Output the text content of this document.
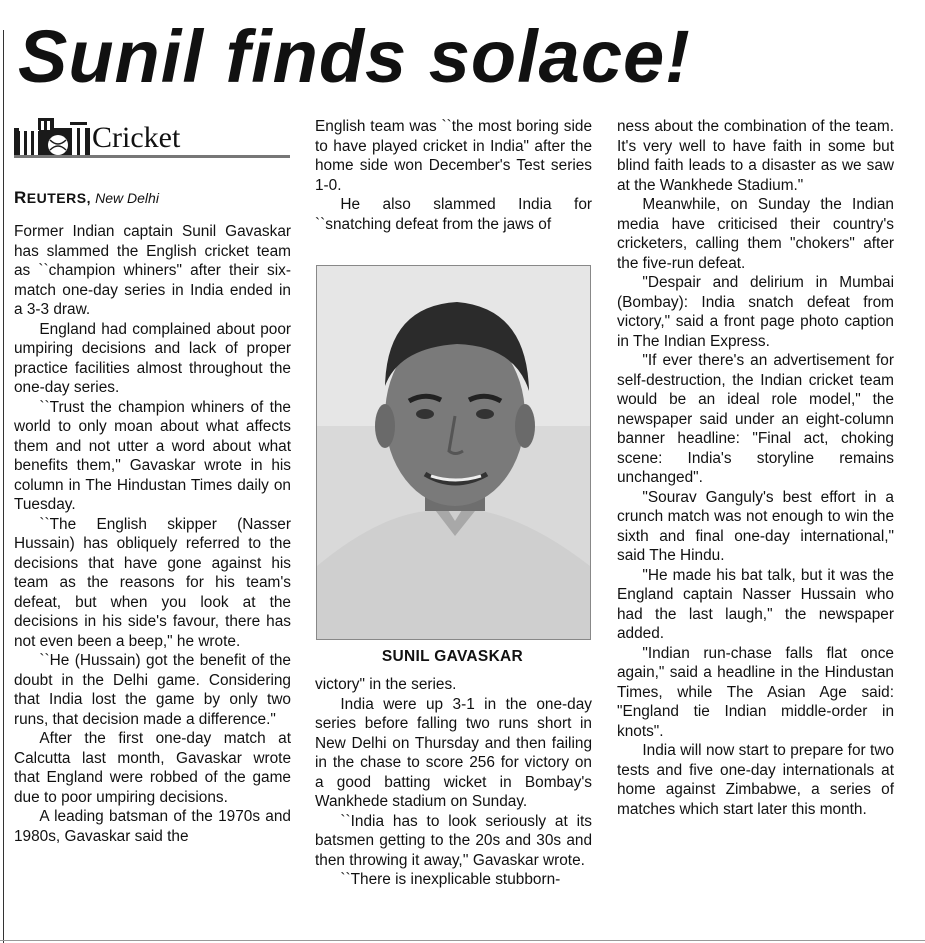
Sunil finds solace!
Cricket
REUTERS, New Delhi

Former Indian captain Sunil Gavaskar has slammed the English cricket team as ``champion whiners" after their six-match one-day series in India ended in a 3-3 draw.

England had complained about poor umpiring decisions and lack of proper practice facilities almost throughout the one-day series.

``Trust the champion whiners of the world to only moan about what affects them and not utter a word about what benefits them,'' Gavaskar wrote in his column in The Hindustan Times daily on Tuesday.

``The English skipper (Nasser Hussain) has obliquely referred to the decisions that have gone against his team as the reasons for his team's defeat, but when you look at the decisions in his side's favour, there has not even been a beep," he wrote.

``He (Hussain) got the benefit of the doubt in the Delhi game. Considering that India lost the game by only two runs, that decision made a difference."

After the first one-day match at Calcutta last month, Gavaskar wrote that England were robbed of the game due to poor umpiring decisions.

A leading batsman of the 1970s and 1980s, Gavaskar said the

English team was ``the most boring side to have played cricket in India" after the home side won December's Test series 1-0.

He also slammed India for ``snatching defeat from the jaws of

SUNIL GAVASKAR

victory" in the series.

India were up 3-1 in the one-day series before falling two runs short in New Delhi on Thursday and then failing in the chase to score 256 for victory on a good batting wicket in Bombay's Wankhede stadium on Sunday.

``India has to look seriously at its batsmen getting to the 20s and 30s and then throwing it away,'' Gavaskar wrote.

``There is inexplicable stubborn-

ness about the combination of the team. It's very well to have faith in some but blind faith leads to a disaster as we saw at the Wankhede Stadium."

Meanwhile, on Sunday the Indian media have criticised their country's cricketers, calling them "chokers" after the five-run defeat.

"Despair and delirium in Mumbai (Bombay): India snatch defeat from victory," said a front page photo caption in The Indian Express.

"If ever there's an advertisement for self-destruction, the Indian cricket team would be an ideal role model," the newspaper said under an eight-column banner headline: "Final act, choking scene: India's storyline remains unchanged".

"Sourav Ganguly's best effort in a crunch match was not enough to win the sixth and final one-day international," said The Hindu.

"He made his bat talk, but it was the England captain Nasser Hussain who had the last laugh," the newspaper added.

"Indian run-chase falls flat once again," said a headline in the Hindustan Times, while The Asian Age said: "England tie Indian middle-order in knots".

India will now start to prepare for two tests and five one-day internationals at home against Zimbabwe, a series of matches which start later this month.
